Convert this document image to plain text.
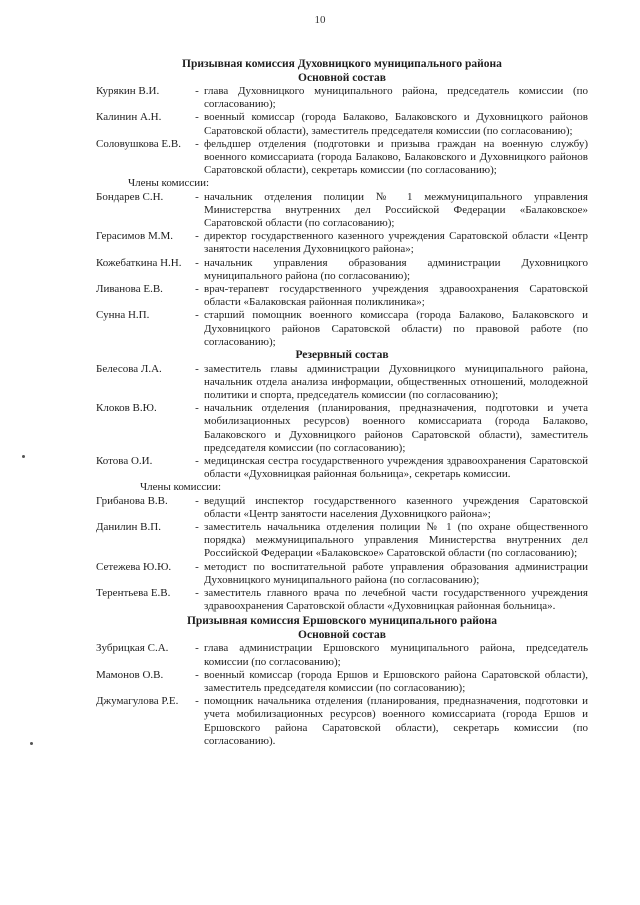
10
Призывная комиссия Духовницкого муниципального района
Основной состав
Курякин В.И.	- глава Духовницкого муниципального района, председатель комиссии (по согласованию);
Калинин А.Н.	- военный комиссар (города Балаково, Балаковского и Духовницкого районов Саратовской области), заместитель председателя комиссии (по согласованию);
Соловушкова Е.В.	- фельдшер отделения (подготовки и призыва граждан на военную службу) военного комиссариата (города Балаково, Балаковского и Духовницкого районов Саратовской области), секретарь комиссии (по согласованию);
Члены комиссии:
Бондарев С.Н.	- начальник отделения полиции № 1 межмуниципального управления Министерства внутренних дел Российской Федерации «Балаковское» Саратовской области (по согласованию);
Герасимов М.М.	- директор государственного казенного учреждения Саратовской области «Центр занятости населения Духовницкого района»;
Кожебаткина Н.Н.	- начальник управления образования администрации Духовницкого муниципального района (по согласованию);
Ливанова Е.В.	- врач-терапевт государственного учреждения здравоохранения Саратовской области «Балаковская районная поликлиника»;
Сунна Н.П.	- старший помощник военного комиссара (города Балаково, Балаковского и Духовницкого районов Саратовской области) по правовой работе (по согласованию);
Резервный состав
Белесова Л.А.	- заместитель главы администрации Духовницкого муниципального района, начальник отдела анализа информации, общественных отношений, молодежной политики и спорта, председатель комиссии (по согласованию);
Клоков В.Ю.	- начальник отделения (планирования, предназначения, подготовки и учета мобилизационных ресурсов) военного комиссариата (города Балаково, Балаковского и Духовницкого районов Саратовской области), заместитель председателя комиссии (по согласованию);
Котова О.И.	- медицинская сестра государственного учреждения здравоохранения Саратовской области «Духовницкая районная больница», секретарь комиссии.
Члены комиссии:
Грибанова В.В.	- ведущий инспектор государственного казенного учреждения Саратовской области «Центр занятости населения Духовницкого района»;
Данилин В.П.	- заместитель начальника отделения полиции № 1 (по охране общественного порядка) межмуниципального управления Министерства внутренних дел Российской Федерации «Балаковское» Саратовской области (по согласованию);
Сетежева Ю.Ю.	- методист по воспитательной работе управления образования администрации Духовницкого муниципального района (по согласованию);
Терентьева Е.В.	- заместитель главного врача по лечебной части государственного учреждения здравоохранения Саратовской области «Духовницкая районная больница».
Призывная комиссия Ершовского муниципального района
Основной состав
Зубрицкая С.А.	- глава администрации Ершовского муниципального района, председатель комиссии (по согласованию);
Мамонов О.В.	- военный комиссар (города Ершов и Ершовского района Саратовской области), заместитель председателя комиссии (по согласованию);
Джумагулова Р.Е.	- помощник начальника отделения (планирования, предназначения, подготовки и учета мобилизационных ресурсов) военного комиссариата (города Ершов и Ершовского района Саратовской области), секретарь комиссии (по согласованию).
